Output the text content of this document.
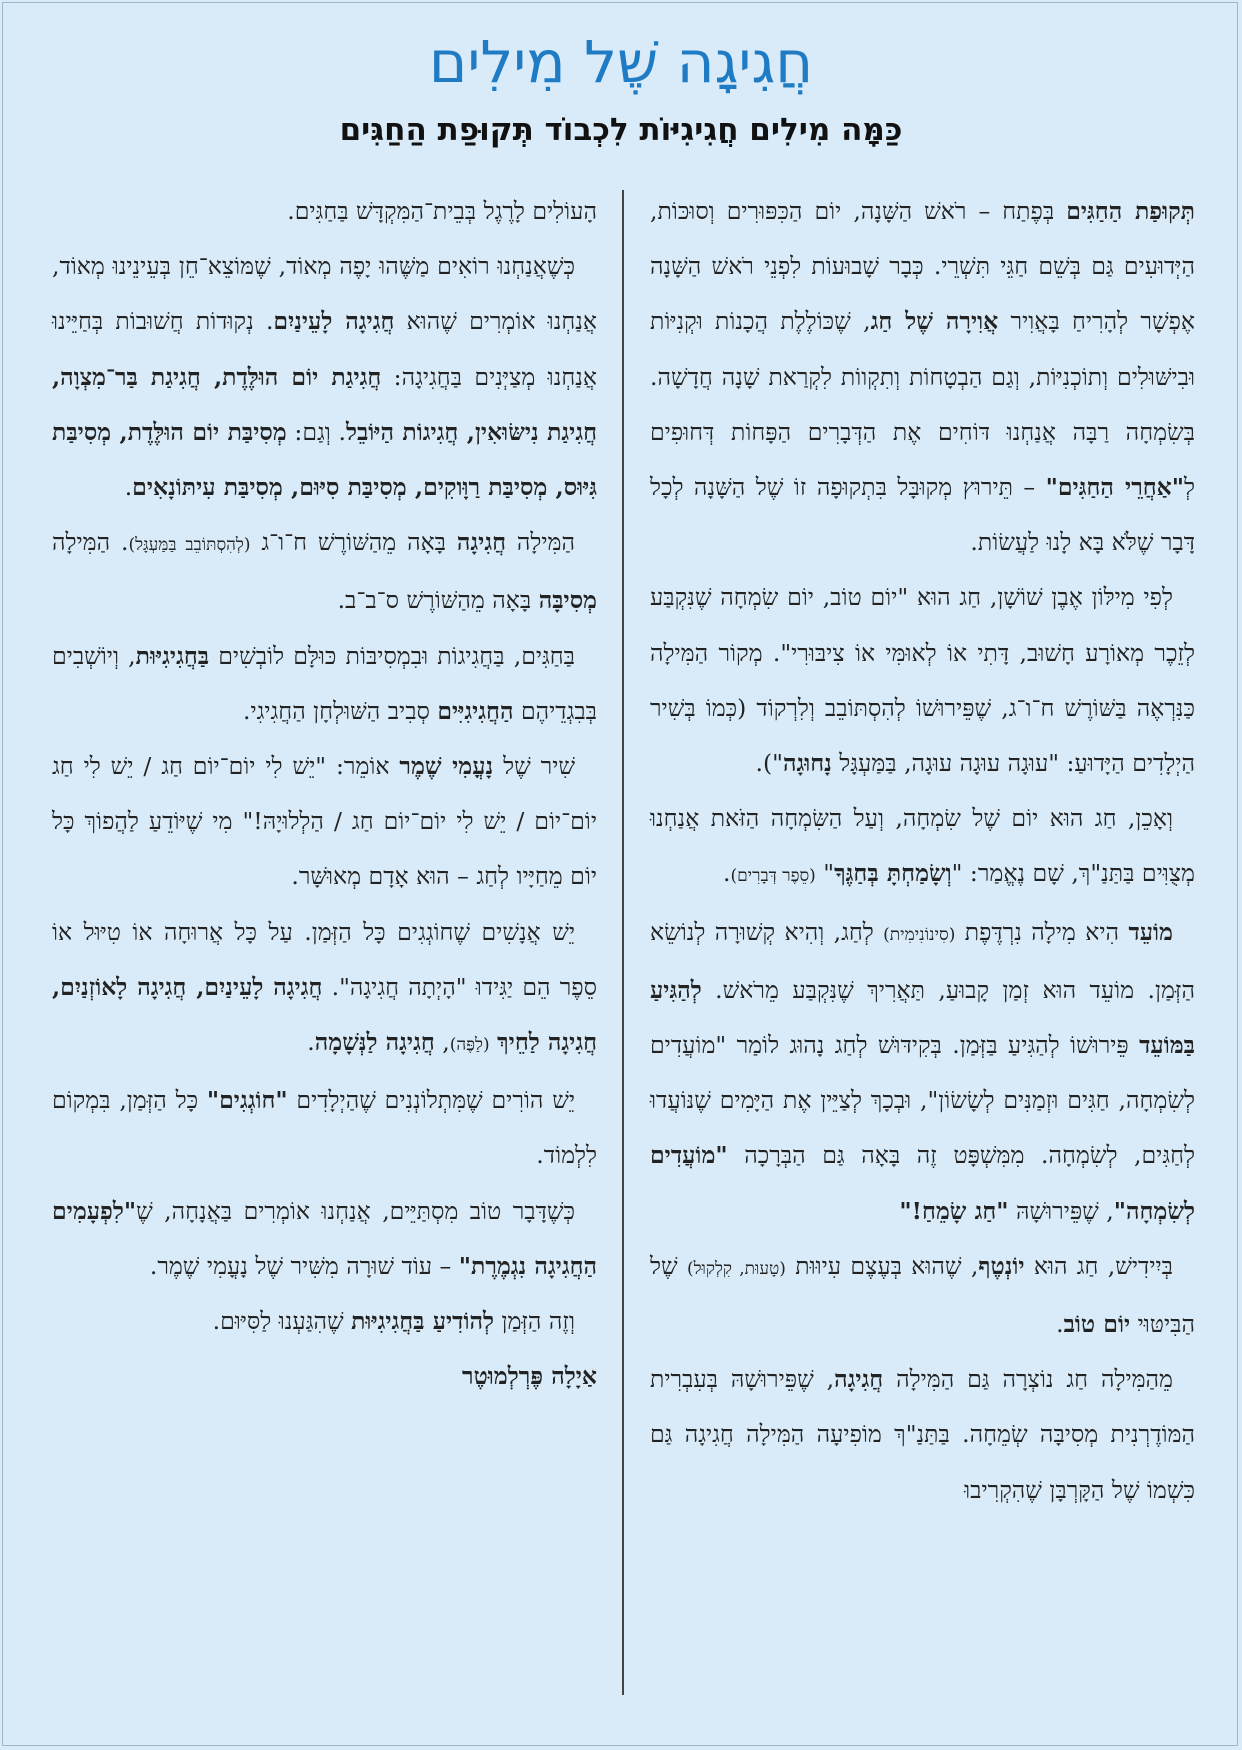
חֲגִיגָה שֶׁל מִילִים
כַּמָּה מִילִים חֲגִיגִיּוֹת לִכְבוֹד תְּקוּפַת הַחַגִּים

תְּקוּפַת הַחַגִּים בְּפֶתַח – רֹאשׁ הַשָּׁנָה, יוֹם הַכִּפּוּרִים וְסוּכּוֹת, הַיְּדוּעִים גַּם בְּשֵׁם חַגֵּי תִּשְׁרֵי. כְּבָר שָׁבוּעוֹת לִפְנֵי רֹאשׁ הַשָּׁנָה אֶפְשָׁר לְהָרִיחַ בָּאֲוִיר אֲוִירָה שֶׁל חַג, שֶׁכּוֹלֶלֶת הֲכָנוֹת וּקְנִיּוֹת וּבִישּׁוּלִים וְתוֹכְנִיּוֹת, וְגַם הַבְטָחוֹת וְתִקְווֹת לִקְרַאת שָׁנָה חֲדָשָׁה. בְּשִׂמְחָה רַבָּה אֲנַחְנוּ דּוֹחִים אֶת הַדְּבָרִים הַפָּחוֹת דְּחוּפִים לְ"אַחֲרֵי הַחַגִּים" – תֵּירוּץ מְקוּבָּל בִּתְקוּפָה זוֹ שֶׁל הַשָּׁנָה לְכָל דָּבָר שֶׁלֹּא בָּא לָנוּ לַעֲשׂוֹת.

לְפִי מִילּוֹן אֶבֶן שׁוֹשָׁן, חַג הוּא "יוֹם טוֹב, יוֹם שִׂמְחָה שֶׁנִּקְבַּע לְזֵכֶר מְאוֹרָע חָשׁוּב, דָּתִי אוֹ לְאוּמִּי אוֹ צִיבּוּרִי". מְקוֹר הַמִּילָה כַּנִּרְאֶה בַּשּׁוֹרֶשׁ ח־ו־ג, שֶׁפֵּירוּשׁוֹ לְהִסְתּוֹבֵב וְלִרְקוֹד (כְּמוֹ בְּשִׁיר הַיְלָדִים הַיָּדוּעַ: "עוּגָה עוּגָה עוּגָה, בַּמַּעְגָּל נָחוּגָה").

וְאָכֵן, חַג הוּא יוֹם שֶׁל שִׂמְחָה, וְעַל הַשִּׂמְחָה הַזֹּאת אֲנַחְנוּ מְצֻוִּים בַּתַּנַ"ךְ, שָׁם נֶאֱמַר: "וְשָׂמַחְתָּ בְּחַגֶּךָ" (סֵפֶר דְּבָרִים).

מוֹעֵד הִיא מִילָה נִרְדֶּפֶת (סִינוֹנִימִית) לְחַג, וְהִיא קְשׁוּרָה לְנוֹשֵׂא הַזְּמַן. מוֹעֵד הוּא זְמַן קָבוּעַ, תַּאֲרִיךְ שֶׁנִּקְבַּע מֵרֹאשׁ. לְהַגִּיעַ בַּמּוֹעֵד פֵּירוּשׁוֹ לְהַגִּיעַ בַּזְּמַן. בְּקִידּוּשׁ לְחַג נָהוּג לוֹמַר "מוֹעֲדִים לְשִׂמְחָה, חַגִּים וּזְמַנִּים לְשָׂשׂוֹן", וּבְכָךְ לְצַיֵּין אֶת הַיָּמִים שֶׁנּוֹעֲדוּ לְחַגִּים, לְשִׂמְחָה. מִמִּשְׁפָּט זֶה בָּאָה גַּם הַבְּרָכָה "מוֹעֲדִים לְשִׂמְחָה", שֶׁפֵּירוּשָׁהּ "חַג שָׂמֵחַ!"

בְּיִידִישׁ, חַג הוּא יוֹנְטֶף, שֶׁהוּא בְּעֶצֶם עִיוּוּת (טָעוּת, קִלְקוּל) שֶׁל הַבִּיטּוּי יוֹם טוֹב.

מֵהַמִּילָה חַג נוֹצְרָה גַּם הַמִּילָה חֲגִיגָה, שֶׁפֵּירוּשָׁהּ בְּעִבְרִית הַמּוֹדֶרְנִית מְסִיבָּה שְׂמֵחָה. בַּתַּנַ"ךְ מוֹפִיעָה הַמִּילָה חֲגִיגָה גַּם כִּשְׁמוֹ שֶׁל הַקָּרְבָּן שֶׁהִקְרִיבוּ

הָעוֹלִים לָרֶגֶל בְּבֵית־הַמִּקְדָּשׁ בַּחַגִּים.

כְּשֶׁאֲנַחְנוּ רוֹאִים מַשֶּׁהוּ יָפֶה מְאוֹד, שֶׁמּוֹצֵא־חֵן בְּעֵינֵינוּ מְאוֹד, אֲנַחְנוּ אוֹמְרִים שֶׁהוּא חֲגִיגָה לָעֵינַיִם. נְקוּדוֹת חֲשׁוּבוֹת בְּחַיֵּינוּ אֲנַחְנוּ מְצַיְּנִים בַּחֲגִיגָה: חֲגִיגַת יוֹם הוּלֶּדֶת, חֲגִיגַת בַּר־מִצְוָה, חֲגִיגַת נִישּׂוּאִין, חֲגִיגוֹת הַיּוֹבֵל. וְגַם: מְסִיבַּת יוֹם הוּלֶּדֶת, מְסִיבַּת גִּיּוּס, מְסִיבַּת רַוָּוקִים, מְסִיבַּת סִיּוּם, מְסִיבַּת עִיתּוֹנָאִים.

הַמִּילָה חֲגִיגָה בָּאָה מֵהַשּׁוֹרֶשׁ ח־ו־ג (לְהִסְתּוֹבֵב בַּמַּעְגָּל). הַמִּילָה מְסִיבָּה בָּאָה מֵהַשּׁוֹרֶשׁ ס־ב־ב.

בַּחַגִּים, בַּחֲגִיגוֹת וּבִמְסִיבּוֹת כּוּלָּם לוֹבְשִׁים בַּחֲגִיגִיּוּת, וְיוֹשְׁבִים בְּבִגְדֵיהֶם הַחֲגִיגִיִּים סְבִיב הַשּׁוּלְחָן הַחֲגִיגִי.

שִׁיר שֶׁל נָעֳמִי שֶׁמֶר אוֹמֵר: "יֵשׁ לִי יוֹם־יוֹם חַג / יֵשׁ לִי חַג יוֹם־יוֹם / יֵשׁ לִי יוֹם־יוֹם חַג / הַלְלוּיָהּ!" מִי שֶׁיּוֹדֵעַ לַהֲפוֹךְ כָּל יוֹם מֵחַיָּיו לְחַג – הוּא אָדָם מְאוּשָּׁר.

יֵשׁ אֲנָשִׁים שֶׁחוֹגְגִים כָּל הַזְּמַן. עַל כָּל אֲרוּחָה אוֹ טִיּוּל אוֹ סֵפֶר הֵם יַגִּידוּ "הָיְתָה חֲגִיגָה". חֲגִיגָה לָעֵינַיִם, חֲגִיגָה לָאוֹזְנַיִם, חֲגִיגָה לַחֵיךְ (לַפֶּה), חֲגִיגָה לַנְּשָׁמָה.

יֵשׁ הוֹרִים שֶׁמִּתְלוֹנְנִים שֶׁהַיְלָדִים "חוֹגְגִים" כָּל הַזְּמַן, בִּמְקוֹם לִלְמוֹד.

כְּשֶׁדָּבָר טוֹב מִסְתַּיֵּים, אֲנַחְנוּ אוֹמְרִים בַּאֲנָחָה, שֶׁ"לִפְעָמִים הַחֲגִיגָה נִגְמֶרֶת" – עוֹד שׁוּרָה מִשִּׁיר שֶׁל נָעֳמִי שֶׁמֶר.

וְזֶה הַזְּמַן לְהוֹדִיעַ בַּחֲגִיגִיּוּת שֶׁהִגַּעְנוּ לַסִּיּוּם.

אַיָלָה פֶּרְלְמוּטֶר
